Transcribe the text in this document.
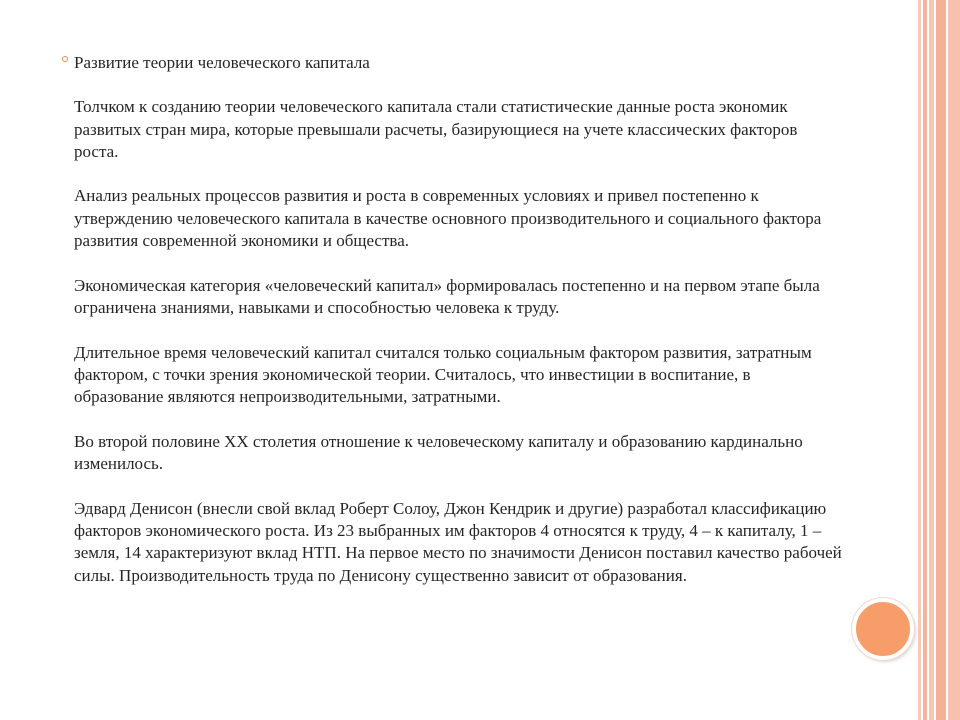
Развитие теории человеческого капитала

Толчком к созданию теории человеческого капитала стали статистические данные роста экономик развитых стран мира, которые превышали расчеты, базирующиеся на учете классических факторов роста.

Анализ реальных процессов развития и роста в современных условиях и привел постепенно к утверждению человеческого капитала в качестве основного производительного и социального фактора развития современной экономики и общества.

Экономическая категория «человеческий капитал» формировалась постепенно и на первом этапе была ограничена знаниями, навыками и способностью человека к труду.

Длительное время человеческий капитал считался только социальным фактором развития, затратным фактором, с точки зрения экономической теории. Считалось, что инвестиции в воспитание, в образование являются непроизводительными, затратными.

Во второй половине XX столетия отношение к человеческому капиталу и образованию кардинально изменилось.

Эдвард Денисон (внесли свой вклад Роберт Солоу, Джон Кендрик и другие) разработал классификацию факторов экономического роста. Из 23 выбранных им факторов 4 относятся к труду, 4 – к капиталу, 1 – земля, 14 характеризуют вклад НТП. На первое место по значимости Денисон поставил качество рабочей силы. Производительность труда по Денисону существенно зависит от образования.
